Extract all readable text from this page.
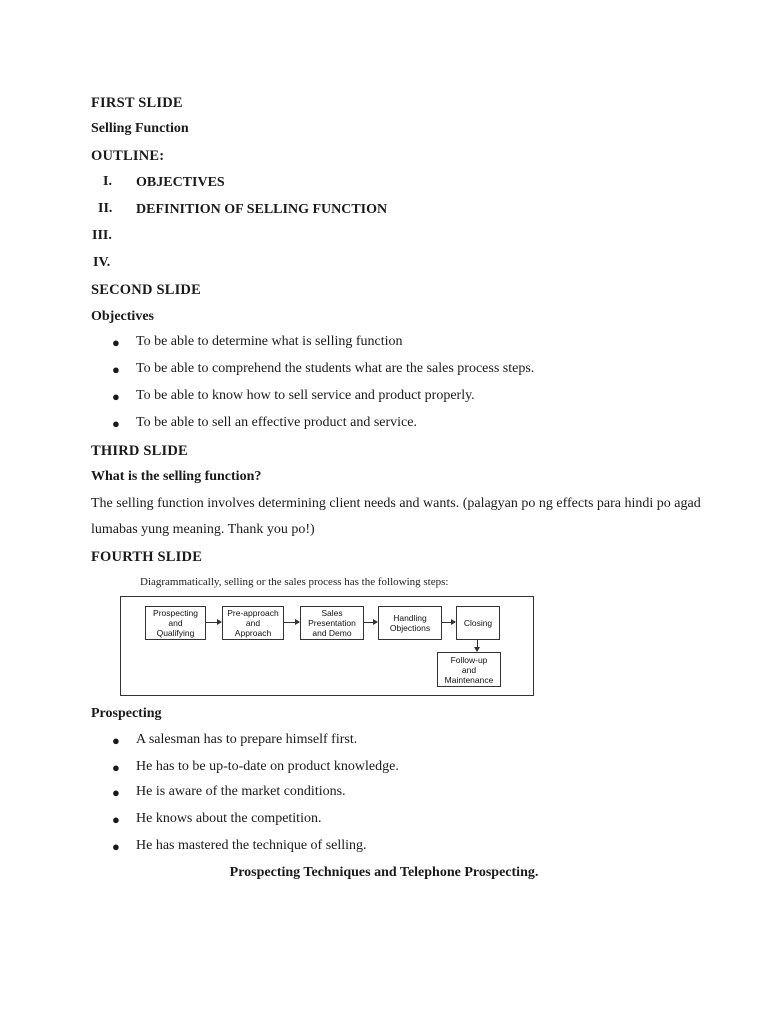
FIRST SLIDE
Selling Function
OUTLINE:
I. OBJECTIVES
II. DEFINITION OF SELLING FUNCTION
III.
IV.
SECOND SLIDE
Objectives
● To be able to determine what is selling function
● To be able to comprehend the students what are the sales process steps.
● To be able to know how to sell service and product properly.
● To be able to sell an effective product and service.
THIRD SLIDE
What is the selling function?
The selling function involves determining client needs and wants. (palagyan po ng effects para hindi po agad lumabas yung meaning. Thank you po!)
FOURTH SLIDE
Diagrammatically, selling or the sales process has the following steps:
Prospecting
and
Qualifying
Pre-approach
and
Approach
Sales
Presentation
and Demo
Handling
Objections	Closing
Follow-up
and
Maintenance
Prospecting
● A salesman has to prepare himself first.
● He has to be up-to-date on product knowledge.
● He is aware of the market conditions.
● He knows about the competition.
● He has mastered the technique of selling.
Prospecting Techniques and Telephone Prospecting.
